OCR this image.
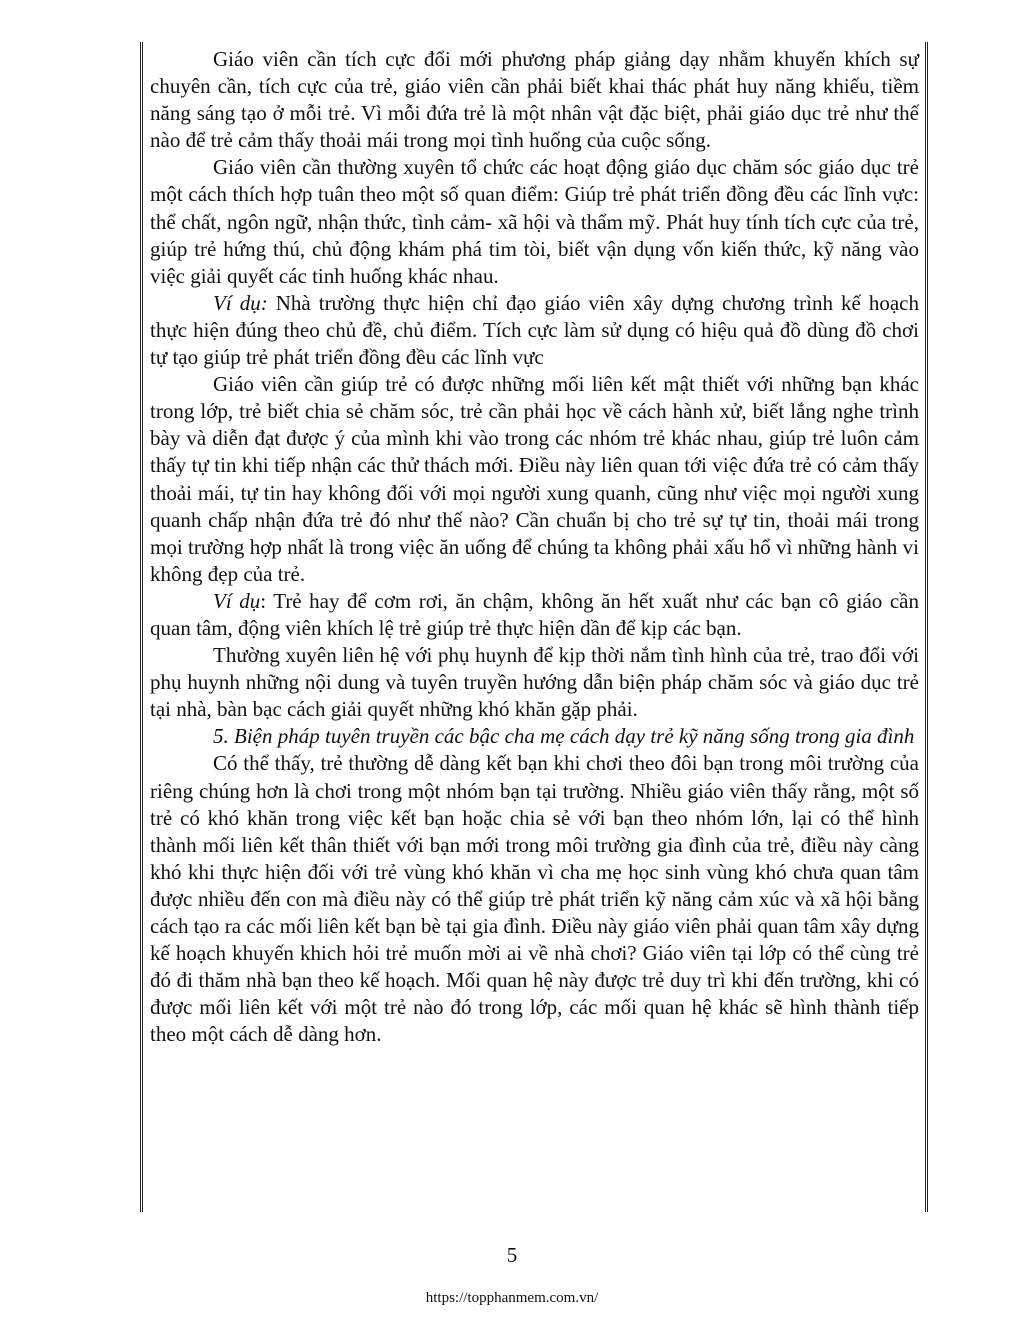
Giáo viên cần tích cực đổi mới phương pháp giảng dạy nhằm khuyến khích sự chuyên cần, tích cực của trẻ, giáo viên cần phải biết khai thác phát huy năng khiếu, tiềm năng sáng tạo ở mỗi trẻ. Vì mỗi đứa trẻ là một nhân vật đặc biệt, phải giáo dục trẻ như thế nào để trẻ cảm thấy thoải mái trong mọi tình huống của cuộc sống.

Giáo viên cần thường xuyên tổ chức các hoạt động giáo dục chăm sóc giáo dục trẻ một cách thích hợp tuân theo một số quan điểm: Giúp trẻ phát triển đồng đều các lĩnh vực: thể chất, ngôn ngữ, nhận thức, tình cảm- xã hội và thẩm mỹ. Phát huy tính tích cực của trẻ, giúp trẻ hứng thú, chủ động khám phá tim tòi, biết vận dụng vốn kiến thức, kỹ năng vào việc giải quyết các tinh huống khác nhau.

Ví dụ: Nhà trường thực hiện chỉ đạo giáo viên xây dựng chương trình kế hoạch thực hiện đúng theo chủ đề, chủ điểm. Tích cực làm sử dụng có hiệu quả đồ dùng đồ chơi tự tạo giúp trẻ phát triển đồng đều các lĩnh vực

Giáo viên cần giúp trẻ có được những mối liên kết mật thiết với những bạn khác trong lớp, trẻ biết chia sẻ chăm sóc, trẻ cần phải học về cách hành xử, biết lắng nghe trình bày và diễn đạt được ý của mình khi vào trong các nhóm trẻ khác nhau, giúp trẻ luôn cảm thấy tự tin khi tiếp nhận các thử thách mới. Điều này liên quan tới việc đứa trẻ có cảm thấy thoải mái, tự tin hay không đối với mọi người xung quanh, cũng như việc mọi người xung quanh chấp nhận đứa trẻ đó như thế nào? Cần chuẩn bị cho trẻ sự tự tin, thoải mái trong mọi trường hợp nhất là trong việc ăn uống để chúng ta không phải xấu hổ vì những hành vi không đẹp của trẻ.

Ví dụ: Trẻ hay để cơm rơi, ăn chậm, không ăn hết xuất như các bạn cô giáo cần quan tâm, động viên khích lệ trẻ giúp trẻ thực hiện dần để kịp các bạn.

Thường xuyên liên hệ với phụ huynh để kịp thời nắm tình hình của trẻ, trao đổi với phụ huynh những nội dung và tuyên truyền hướng dẫn biện pháp chăm sóc và giáo dục trẻ tại nhà, bàn bạc cách giải quyết những khó khăn gặp phải.

5. Biện pháp tuyên truyền các bậc cha mẹ cách dạy trẻ kỹ năng sống trong gia đình

Có thể thấy, trẻ thường dễ dàng kết bạn khi chơi theo đôi bạn trong môi trường của riêng chúng hơn là chơi trong một nhóm bạn tại trường. Nhiều giáo viên thấy rằng, một số trẻ có khó khăn trong việc kết bạn hoặc chia sẻ với bạn theo nhóm lớn, lại có thể hình thành mối liên kết thân thiết với bạn mới trong môi trường gia đình của trẻ, điều này càng khó khi thực hiện đối với trẻ vùng khó khăn vì cha mẹ học sinh vùng khó chưa quan tâm được nhiều đến con mà điều này có thể giúp trẻ phát triển kỹ năng cảm xúc và xã hội bằng cách tạo ra các mối liên kết bạn bè tại gia đình. Điều này giáo viên phải quan tâm xây dựng kế hoạch khuyến khich hỏi trẻ muốn mời ai về nhà chơi? Giáo viên tại lớp có thể cùng trẻ đó đi thăm nhà bạn theo kế hoạch. Mối quan hệ này được trẻ duy trì khi đến trường, khi có được mối liên kết với một trẻ nào đó trong lớp, các mối quan hệ khác sẽ hình thành tiếp theo một cách dễ dàng hơn.

5
https://topphanmem.com.vn/
